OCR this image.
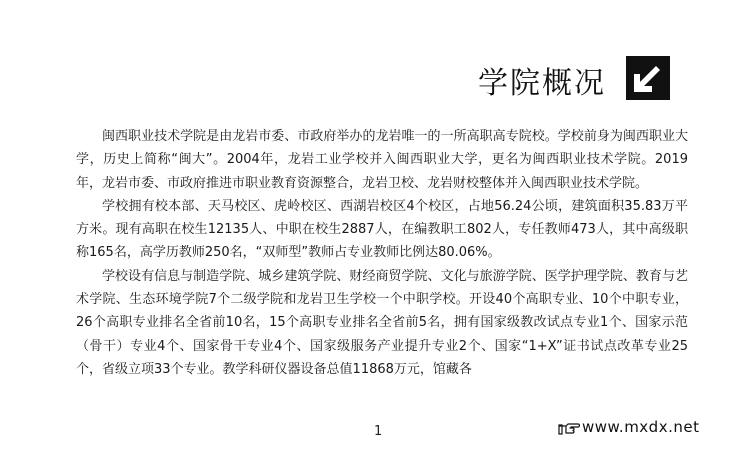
学院概况

闽西职业技术学院是由龙岩市委、市政府举办的龙岩唯一的一所高职高专院校。学校前身为闽西职业大学，历史上简称“闽大”。2004年，龙岩工业学校并入闽西职业大学，更名为闽西职业技术学院。2019年，龙岩市委、市政府推进市职业教育资源整合，龙岩卫校、龙岩财校整体并入闽西职业技术学院。

学校拥有校本部、天马校区、虎岭校区、西湖岩校区4个校区，占地56.24公顷，建筑面积35.83万平方米。现有高职在校生12135人、中职在校生2887人，在编教职工802人，专任教师473人，其中高级职称165名，高学历教师250名，“双师型”教师占专业教师比例达80.06%。

学校设有信息与制造学院、城乡建筑学院、财经商贸学院、文化与旅游学院、医学护理学院、教育与艺术学院、生态环境学院7个二级学院和龙岩卫生学校一个中职学校。开设40个高职专业、10个中职专业，26个高职专业排名全省前10名，15个高职专业排名全省前5名，拥有国家级教改试点专业1个、国家示范（骨干）专业4个、国家骨干专业4个、国家级服务产业提升专业2个、国家“1+X”证书试点改革专业25个，省级立项33个专业。教学科研仪器设备总值11868万元，馆藏各

1	www.mxdx.net
